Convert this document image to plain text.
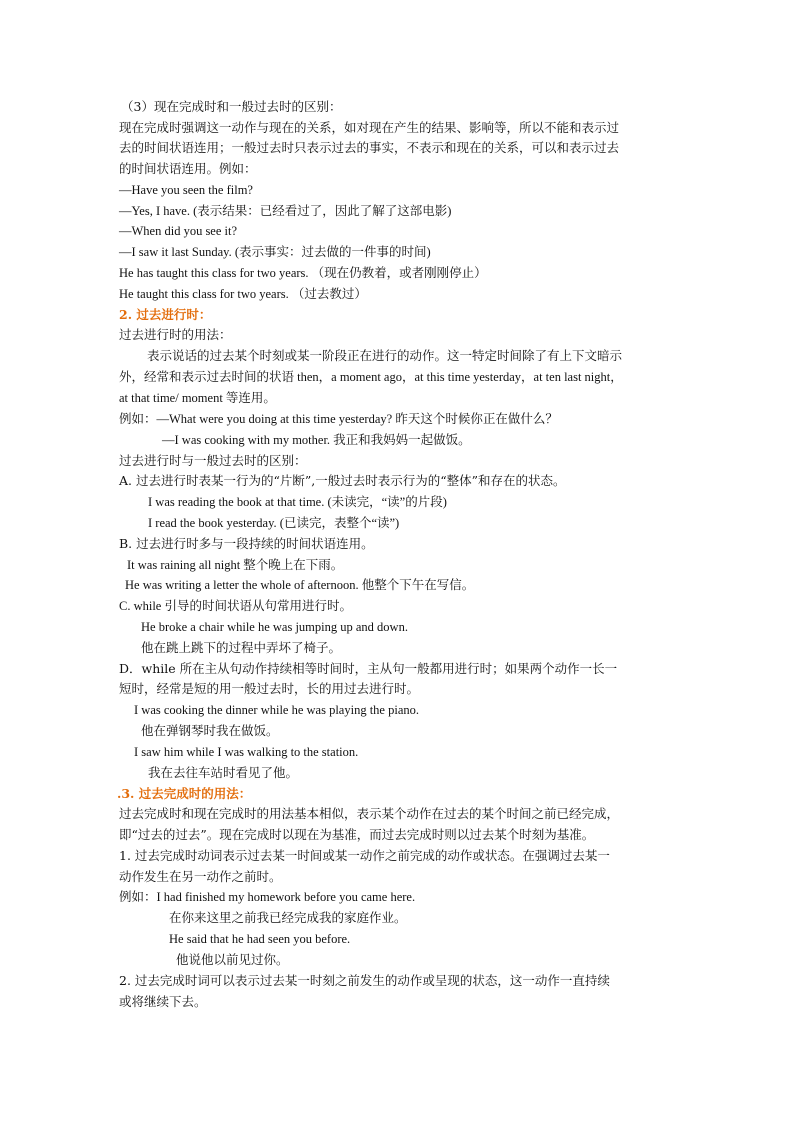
（3）现在完成时和一般过去时的区别：
现在完成时强调这一动作与现在的关系，如对现在产生的结果、影响等，所以不能和表示过
去的时间状语连用；一般过去时只表示过去的事实，不表示和现在的关系，可以和表示过去
的时间状语连用。例如：
—Have you seen the film?
—Yes, I have. (表示结果：已经看过了，因此了解了这部电影)
—When did you see it?
—I saw it last Sunday. (表示事实：过去做的一件事的时间)
He has taught this class for two years. （现在仍教着，或者刚刚停止）
He taught this class for two years. （过去教过）
2. 过去进行时：
过去进行时的用法：
表示说话的过去某个时刻或某一阶段正在进行的动作。这一特定时间除了有上下文暗示
外，经常和表示过去时间的状语 then，a moment ago，at this time yesterday，at ten last night，
at that time/ moment 等连用。
例如：—What were you doing at this time yesterday? 昨天这个时候你正在做什么？
—I was cooking with my mother. 我正和我妈妈一起做饭。
过去进行时与一般过去时的区别：
A. 过去进行时表某一行为的“片断”,一般过去时表示行为的“整体”和存在的状态。
I was reading the book at that time. (未读完，“读”的片段)
I read the book yesterday. (已读完，表整个“读”)
B. 过去进行时多与一段持续的时间状语连用。
It was raining all night 整个晚上在下雨。
He was writing a letter the whole of afternoon. 他整个下午在写信。
C. while 引导的时间状语从句常用进行时。
He broke a chair while he was jumping up and down.
他在跳上跳下的过程中弄坏了椅子。
D．while 所在主从句动作持续相等时间时，主从句一般都用进行时；如果两个动作一长一
短时，经常是短的用一般过去时，长的用过去进行时。
I was cooking the dinner while he was playing the piano.
他在弹钢琴时我在做饭。
I saw him while I was walking to the station.
我在去往车站时看见了他。
.3. 过去完成时的用法：
过去完成时和现在完成时的用法基本相似，表示某个动作在过去的某个时间之前已经完成，
即“过去的过去”。现在完成时以现在为基准，而过去完成时则以过去某个时刻为基准。
1. 过去完成时动词表示过去某一时间或某一动作之前完成的动作或状态。在强调过去某一
动作发生在另一动作之前时。
例如：I had finished my homework before you came here.
在你来这里之前我已经完成我的家庭作业。
He said that he had seen you before.
他说他以前见过你。
2. 过去完成时词可以表示过去某一时刻之前发生的动作或呈现的状态，这一动作一直持续
或将继续下去。
